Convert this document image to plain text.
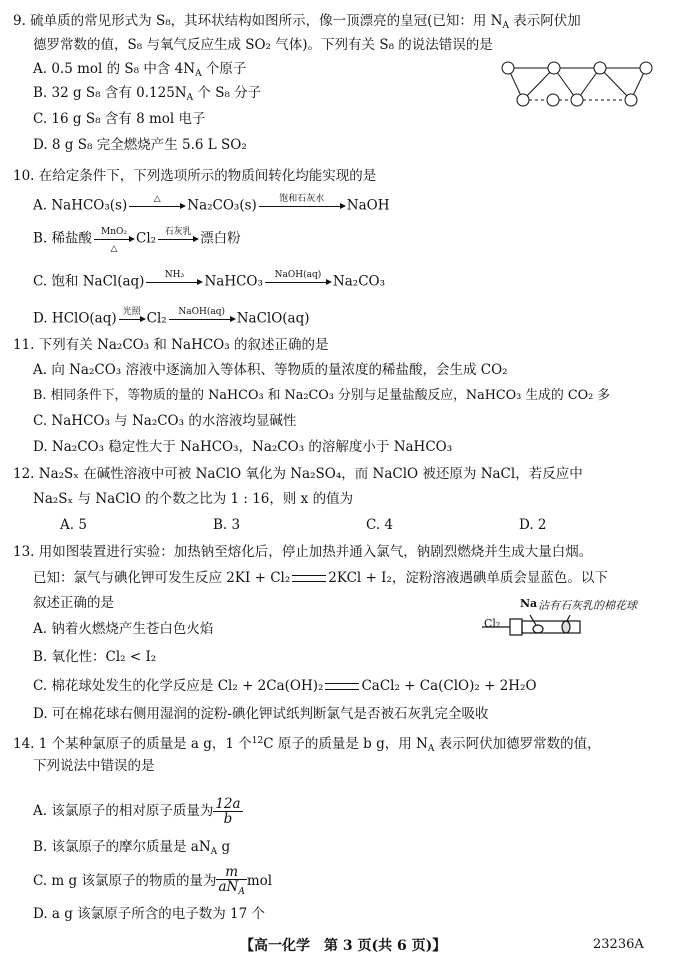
9. 硫单质的常见形式为 S₈，其环状结构如图所示，像一顶漂亮的皇冠(已知：用 $N_A$ 表示阿伏加
德罗常数的值，S₈ 与氧气反应生成 SO₂ 气体)。下列有关 S₈ 的说法错误的是
A. 0.5 mol 的 S₈ 中含 $4N_A$ 个原子
B. 32 g S₈ 含有 $0.125N_A$ 个 S₈ 分子
C. 16 g S₈ 含有 8 mol 电子
D. 8 g S₈ 完全燃烧产生 5.6 L SO₂
10. 在给定条件下，下列选项所示的物质间转化均能实现的是
A. NaHCO₃(s)	△	Na₂CO₃(s)	饱和石灰水	NaOH
B. 稀盐酸	MnO₂
△
Cl₂ 石灰乳 漂白粉
C. 饱和 NaCl(aq)	NH₃	NaHCO₃	NaOH(aq) Na₂CO₃
D. HClO(aq) 光照 Cl₂	NaOH(aq) NaClO(aq)
11. 下列有关 Na₂CO₃ 和 NaHCO₃ 的叙述正确的是
A. 向 Na₂CO₃ 溶液中逐滴加入等体积、等物质的量浓度的稀盐酸，会生成 CO₂
B. 相同条件下，等物质的量的 NaHCO₃ 和 Na₂CO₃ 分别与足量盐酸反应，NaHCO₃ 生成的 CO₂ 多
C. NaHCO₃ 与 Na₂CO₃ 的水溶液均显碱性
D. Na₂CO₃ 稳定性大于 NaHCO₃，Na₂CO₃ 的溶解度小于 NaHCO₃
12. Na₂Sₓ 在碱性溶液中可被 NaClO 氧化为 Na₂SO₄，而 NaClO 被还原为 NaCl，若反应中
Na₂Sₓ 与 NaClO 的个数之比为 1 : 16，则 x 的值为
A. 5	B. 3	C. 4	D. 2
13. 用如图装置进行实验：加热钠至熔化后，停止加热并通入氯气，钠剧烈燃烧并生成大量白烟。
已知：氯气与碘化钾可发生反应 2KI + Cl₂	2KCl + I₂，淀粉溶液遇碘单质会显蓝色。以下
叙述正确的是
A. 钠着火燃烧产生苍白色火焰
B. 氧化性：Cl₂ < I₂
C. 棉花球处发生的化学反应是 Cl₂ + 2Ca(OH)₂	CaCl₂ + Ca(ClO)₂ + 2H₂O
D. 可在棉花球右侧用湿润的淀粉-碘化钾试纸判断氯气是否被石灰乳完全吸收
Na 沾有石灰乳的棉花球
Cl₂
14. 1 个某种氯原子的质量是 a g，1 个$^{12}$C 原子的质量是 b g，用 $N_A$ 表示阿伏加德罗常数的值，
下列说法中错误的是
A. 该氯原子的相对原子质量为 $\frac{12a}{b}$
B. 该氯原子的摩尔质量是 $aN_A$ g
C. m g 该氯原子的物质的量为 $\frac{m}{aN_A}$ mol
D. a g 该氯原子所含的电子数为 17 个
【高一化学　第 3 页(共 6 页)】	23236A
